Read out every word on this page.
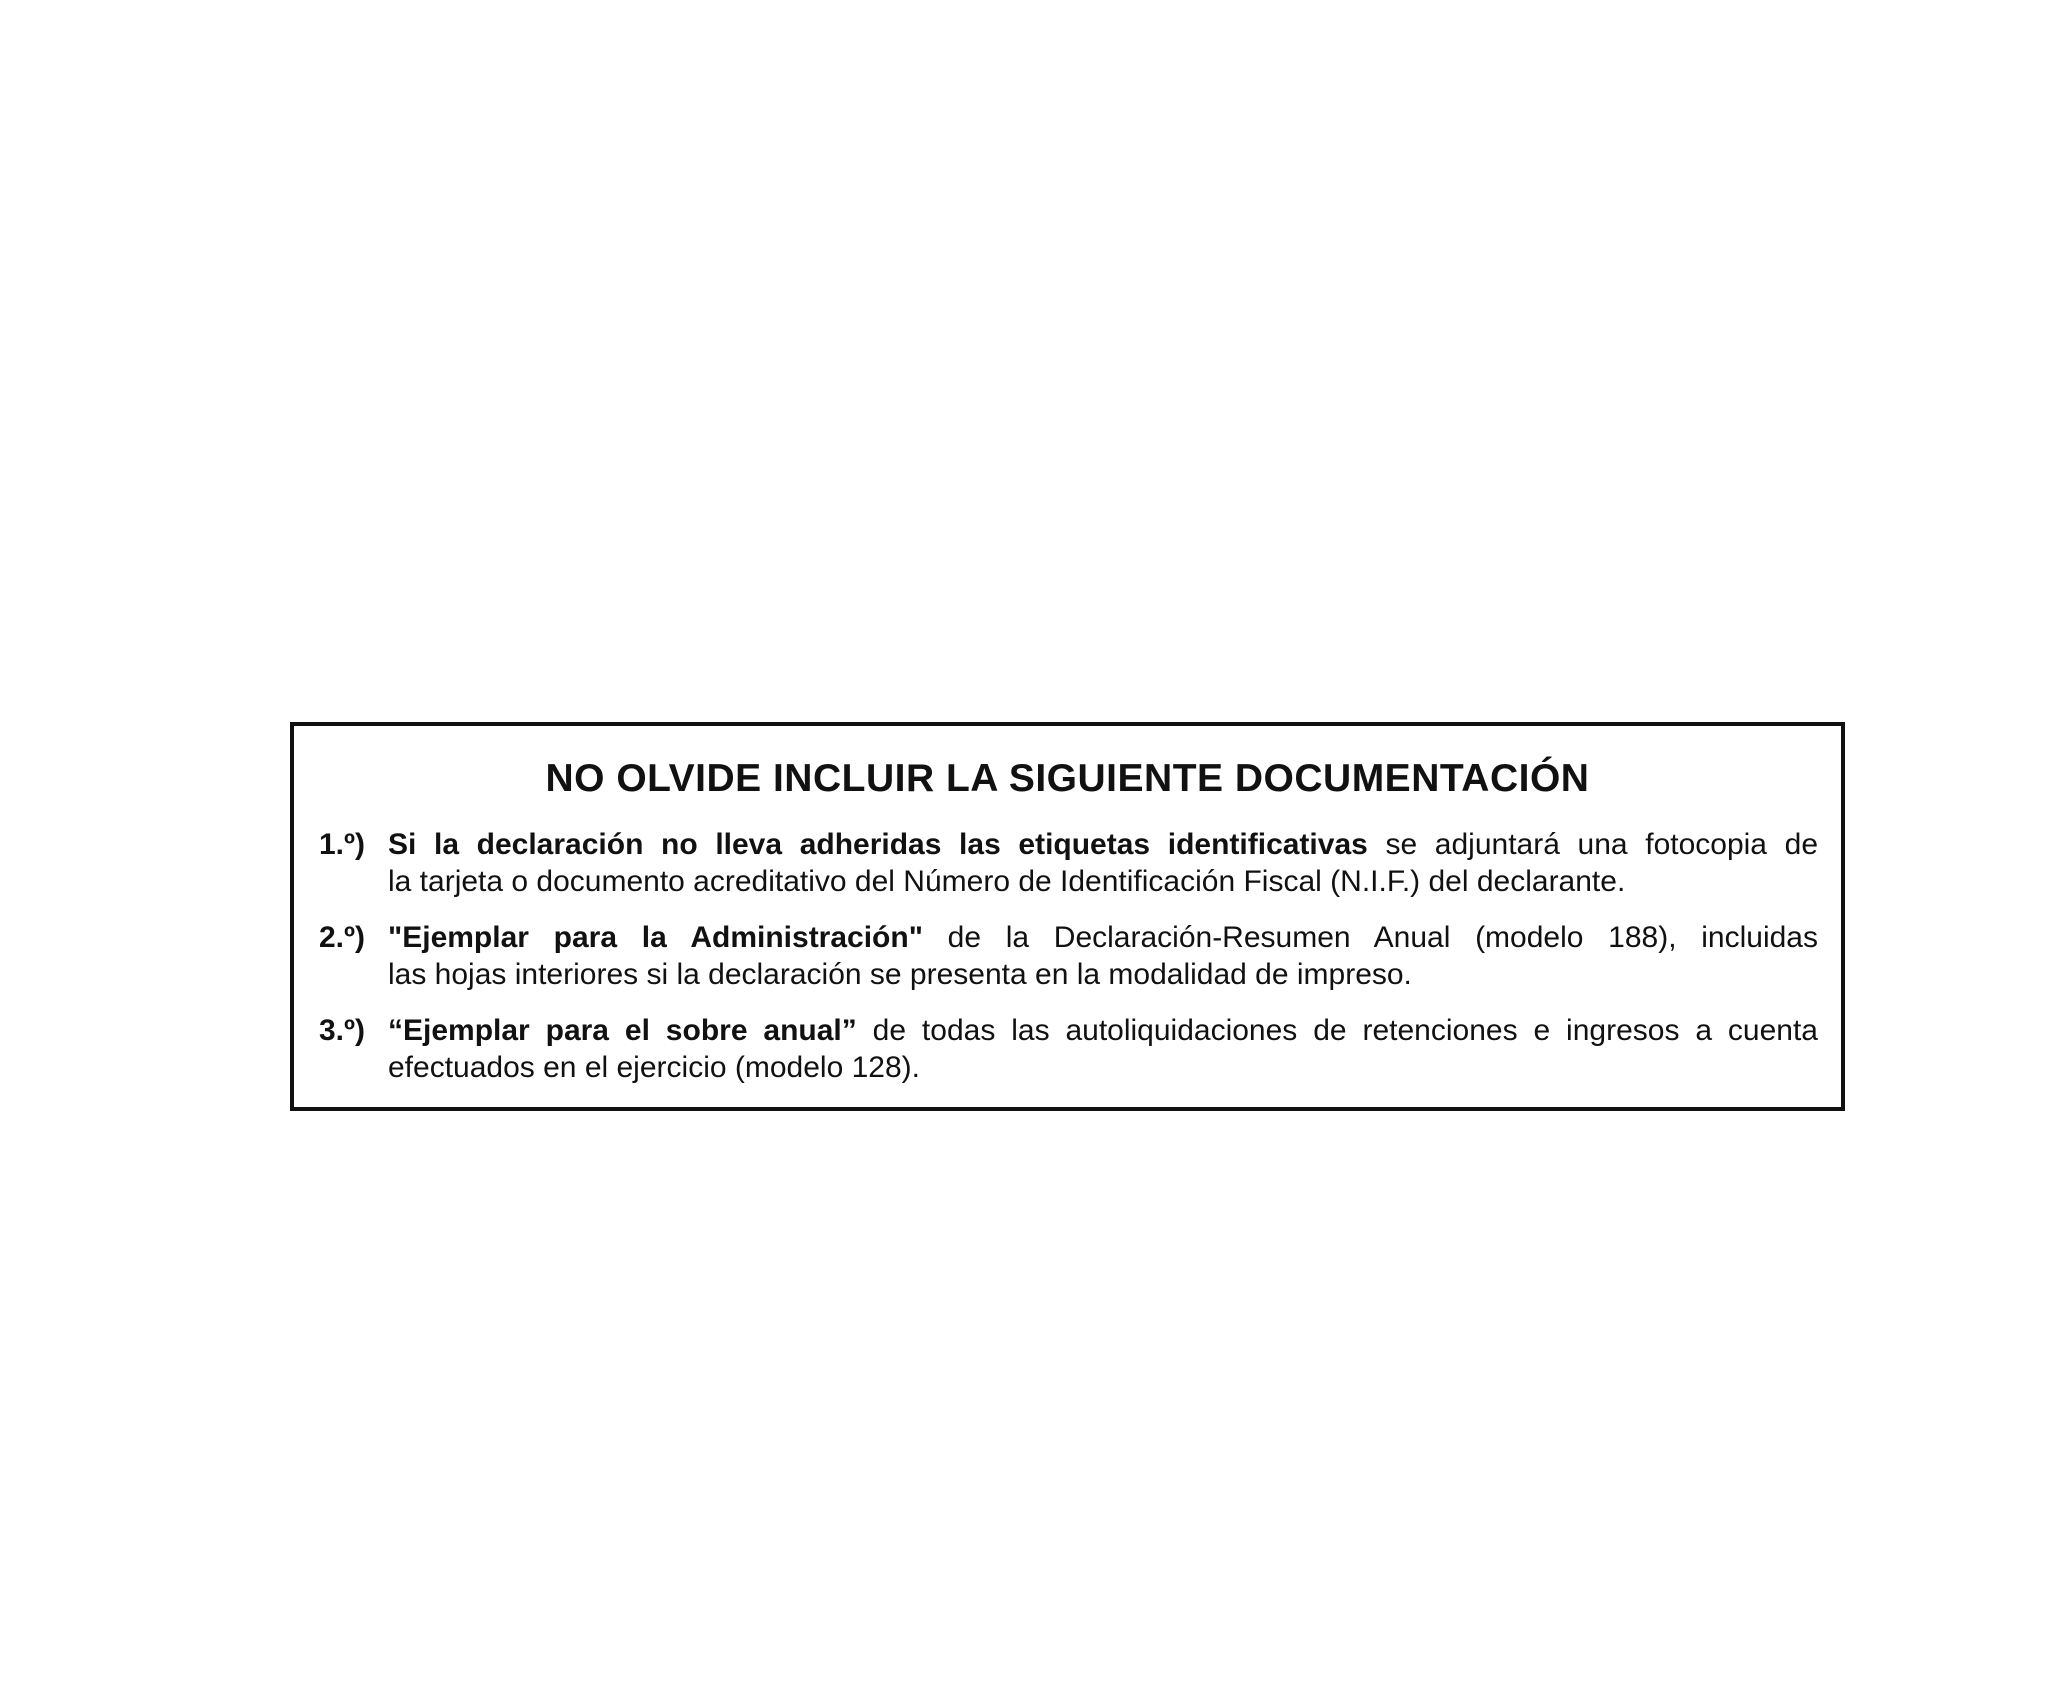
NO OLVIDE INCLUIR LA SIGUIENTE DOCUMENTACIÓN
1.º) Si la declaración no lleva adheridas las etiquetas identificativas se adjuntará una fotocopia de
la tarjeta o documento acreditativo del Número de Identificación Fiscal (N.I.F.) del declarante.
2.º) "Ejemplar para la Administración" de la Declaración-Resumen Anual (modelo 188), incluidas
las hojas interiores si la declaración se presenta en la modalidad de impreso.
3.º) “Ejemplar para el sobre anual” de todas las autoliquidaciones de retenciones e ingresos a cuenta
efectuados en el ejercicio (modelo 128).
